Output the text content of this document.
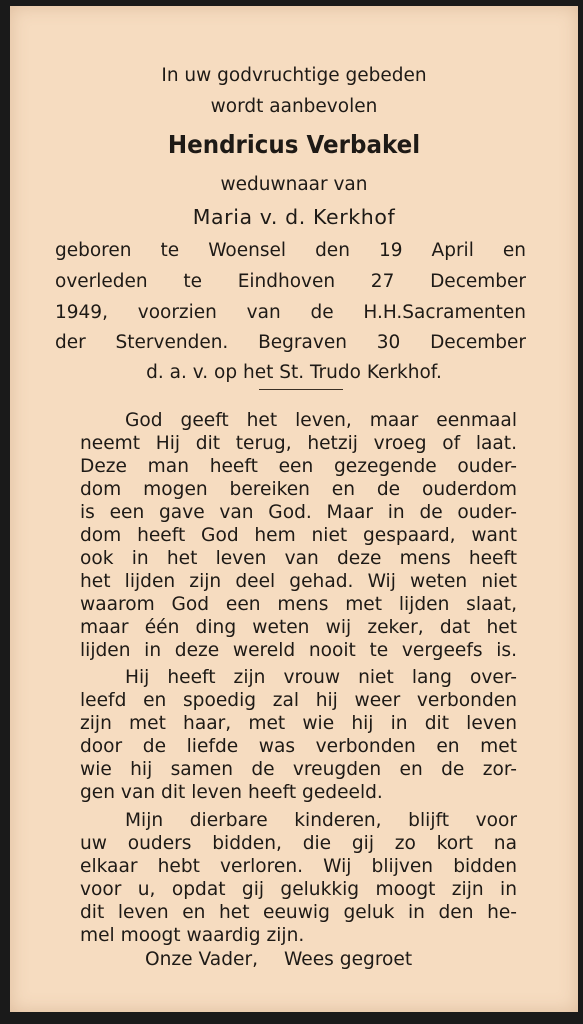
In uw godvruchtige gebeden
wordt aanbevolen
Hendricus Verbakel
weduwnaar van
Maria v. d. Kerkhof
geboren te Woensel den 19 April en
overleden te Eindhoven 27 December
1949, voorzien van de H.H.Sacramenten
der Stervenden. Begraven 30 December
d. a. v. op het St. Trudo Kerkhof.
God geeft het leven, maar eenmaal
neemt Hij dit terug, hetzij vroeg of laat.
Deze man heeft een gezegende ouder-
dom mogen bereiken en de ouderdom
is een gave van God. Maar in de ouder-
dom heeft God hem niet gespaard, want
ook in het leven van deze mens heeft
het lijden zijn deel gehad. Wij weten niet
waarom God een mens met lijden slaat,
maar één ding weten wij zeker, dat het
lijden in deze wereld nooit te vergeefs is.
Hij heeft zijn vrouw niet lang over-
leefd en spoedig zal hij weer verbonden
zijn met haar, met wie hij in dit leven
door de liefde was verbonden en met
wie hij samen de vreugden en de zor-
gen van dit leven heeft gedeeld.
Mijn dierbare kinderen, blijft voor
uw ouders bidden, die gij zo kort na
elkaar hebt verloren. Wij blijven bidden
voor u, opdat gij gelukkig moogt zijn in
dit leven en het eeuwig geluk in den he-
mel moogt waardig zijn.
Onze Vader, Wees gegroet
